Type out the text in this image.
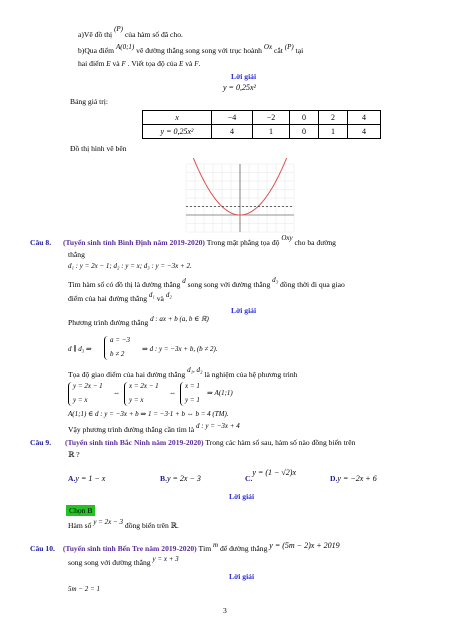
a)Vẽ đồ thị (P) của hàm số đã cho.
b)Qua điểm A(0;1) vẽ đường thẳng song song với trục hoành Ox cắt (P) tại
hai điểm E và F . Viết tọa độ của E và F.
Lời giải
y = 0,25x²
Bảng giá trị:
x	−4	−2	0	2	4
y = 0,25x²	4	1	0	1	4
Đồ thị hình vẽ bên
Câu 8. (Tuyển sinh tỉnh Bình Định năm 2019-2020) Trong mặt phẳng tọa độ Oxy cho ba đường
thẳng
d₁ : y = 2x − 1; d₂ : y = x; d₃ : y = −3x + 2.
Tìm hàm số có đồ thị là đường thẳng d song song với đường thẳng d₃ đồng thời đi qua giao
điểm của hai đường thẳng d₁ và d₂
Lời giải
Phương trình đường thẳng d : ax + b (a, b ∈ ℝ)
d ∥ d₃ ⇒
a = −3
b ≠ 2
⇒ d : y = −3x + b, (b ≠ 2).
Tọa độ giao điểm của hai đường thẳng d₁, d₂ là nghiệm của hệ phương trình
y = 2x − 1
y = x
⇔
x = 2x − 1
y = x
⇔
x = 1
y = 1
⇒ A(1;1)
A(1;1) ∈ d : y = −3x + b ⇒ 1 = −3·1 + b ⇔ b = 4 (TM).
Vậy phương trình đường thẳng cần tìm là d : y = −3x + 4
Câu 9. (Tuyển sinh tỉnh Bắc Ninh năm 2019-2020) Trong các hàm số sau, hàm số nào đồng biến trên
ℝ ?
A.y = 1 − x	B.y = 2x − 3	C.y = (1 − √2)x
D.y = −2x + 6
Lời giải
Chọn B
Hàm số y = 2x − 3 đồng biến trên ℝ.
Câu 10. (Tuyển sinh tỉnh Bến Tre năm 2019-2020) Tìm m để đường thẳng y = (5m − 2)x + 2019
song song với đường thẳng y = x + 3
Lời giải
5m − 2 = 1
3
